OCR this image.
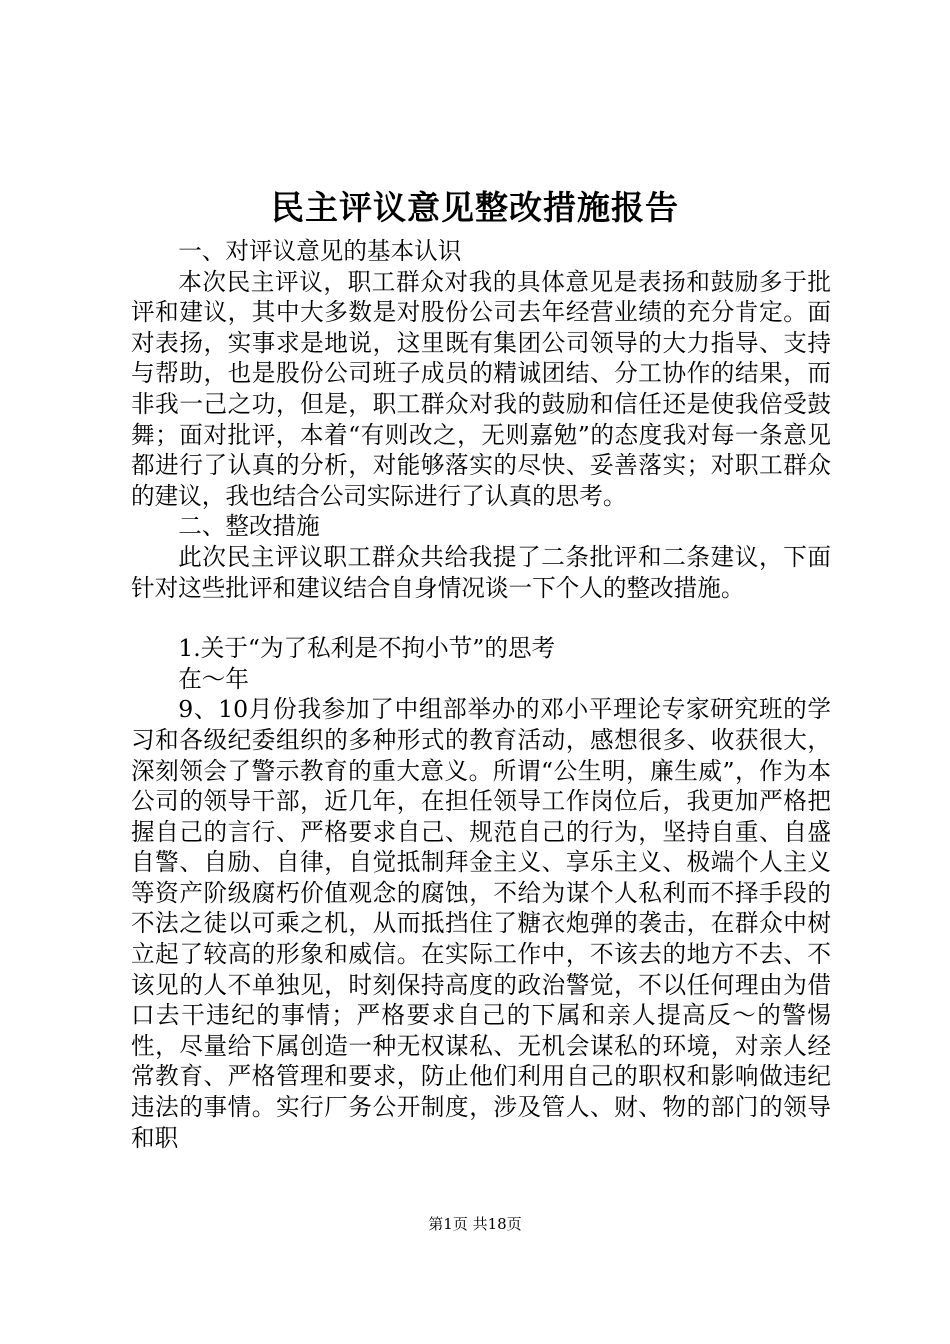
民主评议意见整改措施报告

一、对评议意见的基本认识

本次民主评议，职工群众对我的具体意见是表扬和鼓励多于批评和建议，其中大多数是对股份公司去年经营业绩的充分肯定。面对表扬，实事求是地说，这里既有集团公司领导的大力指导、支持与帮助，也是股份公司班子成员的精诚团结、分工协作的结果，而非我一己之功，但是，职工群众对我的鼓励和信任还是使我倍受鼓舞；面对批评，本着“有则改之，无则嘉勉”的态度我对每一条意见都进行了认真的分析，对能够落实的尽快、妥善落实；对职工群众的建议，我也结合公司实际进行了认真的思考。

二、整改措施

此次民主评议职工群众共给我提了二条批评和二条建议，下面针对这些批评和建议结合自身情况谈一下个人的整改措施。

1.关于“为了私利是不拘小节”的思考

在～年

9、10月份我参加了中组部举办的邓小平理论专家研究班的学习和各级纪委组织的多种形式的教育活动，感想很多、收获很大，深刻领会了警示教育的重大意义。所谓“公生明，廉生威”，作为本公司的领导干部，近几年，在担任领导工作岗位后，我更加严格把握自己的言行、严格要求自己、规范自己的行为，坚持自重、自盛自警、自励、自律，自觉抵制拜金主义、享乐主义、极端个人主义等资产阶级腐朽价值观念的腐蚀，不给为谋个人私利而不择手段的不法之徒以可乘之机，从而抵挡住了糖衣炮弹的袭击，在群众中树立起了较高的形象和威信。在实际工作中，不该去的地方不去、不该见的人不单独见，时刻保持高度的政治警觉，不以任何理由为借口去干违纪的事情；严格要求自己的下属和亲人提高反～的警惕性，尽量给下属创造一种无权谋私、无机会谋私的环境，对亲人经常教育、严格管理和要求，防止他们利用自己的职权和影响做违纪违法的事情。实行厂务公开制度，涉及管人、财、物的部门的领导和职

第1页 共18页
